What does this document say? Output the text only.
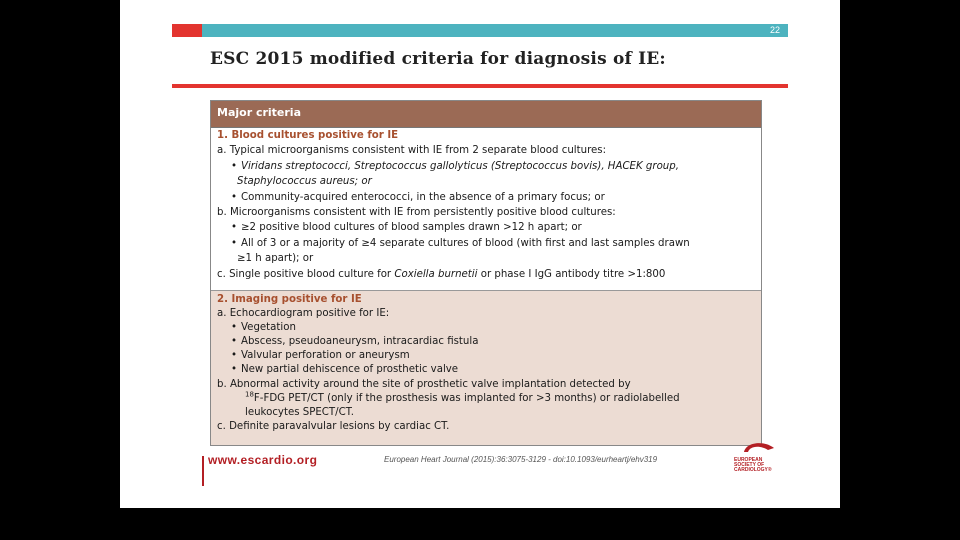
22
ESC 2015 modified criteria for diagnosis of IE:
Major criteria
1. Blood cultures positive for IE
a. Typical microorganisms consistent with IE from 2 separate blood cultures:
• Viridans streptococci, Streptococcus gallolyticus (Streptococcus bovis), HACEK group,
Staphylococcus aureus; or
• Community-acquired enterococci, in the absence of a primary focus; or
b. Microorganisms consistent with IE from persistently positive blood cultures:
• ≥2 positive blood cultures of blood samples drawn >12 h apart; or
• All of 3 or a majority of ≥4 separate cultures of blood (with first and last samples drawn
≥1 h apart); or
c. Single positive blood culture for Coxiella burnetii or phase I IgG antibody titre >1:800
2. Imaging positive for IE
a. Echocardiogram positive for IE:
• Vegetation
• Abscess, pseudoaneurysm, intracardiac fistula
• Valvular perforation or aneurysm
• New partial dehiscence of prosthetic valve
b. Abnormal activity around the site of prosthetic valve implantation detected by
$^{18}$F-FDG PET/CT (only if the prosthesis was implanted for >3 months) or radiolabelled
leukocytes SPECT/CT.
c. Definite paravalvular lesions by cardiac CT.
www.escardio.org	European Heart Journal (2015):36:3075-3129 - doi:10.1093/eurheartj/ehv319	EUROPEAN
SOCIETY OF
CARDIOLOGY®
